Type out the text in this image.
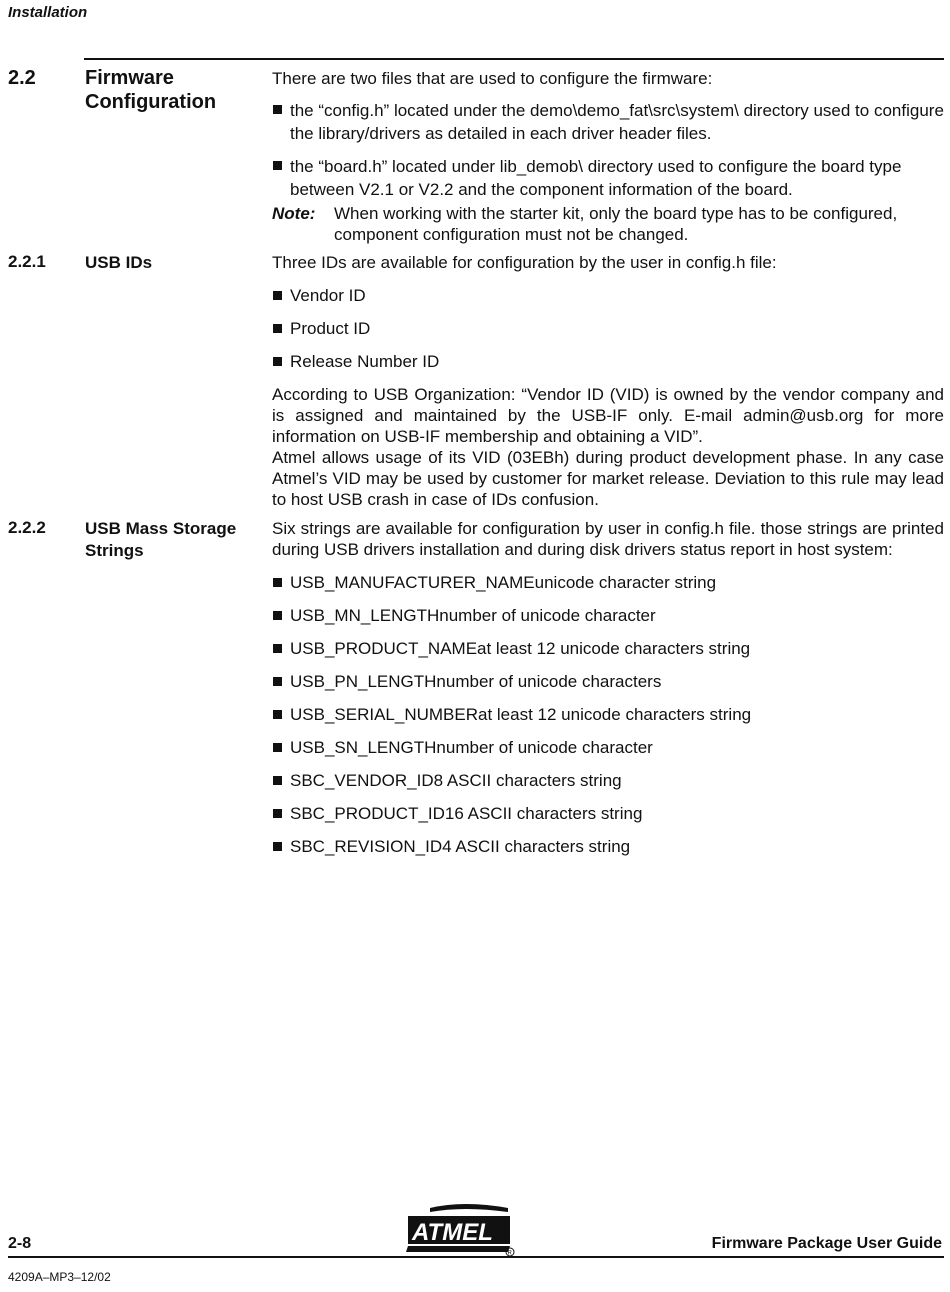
Installation
2.2 Firmware
Configuration

There are two files that are used to configure the firmware:

the “config.h” located under the demo\demo_fat\src\system\ directory used to configure the library/drivers as detailed in each driver header files.
the “board.h” located under lib_demob\ directory used to configure the board type between V2.1 or V2.2 and the component information of the board.
Note:	When working with the starter kit, only the board type has to be configured, component configuration must not be changed.
2.2.1 USB IDs	Three IDs are available for configuration by the user in config.h file:

Vendor ID
Product ID
Release Number ID

According to USB Organization: “Vendor ID (VID) is owned by the vendor company and is assigned and maintained by the USB-IF only. E-mail admin@usb.org for more information on USB-IF membership and obtaining a VID”.

Atmel allows usage of its VID (03EBh) during product development phase. In any case Atmel’s VID may be used by customer for market release. Deviation to this rule may lead to host USB crash in case of IDs confusion.

2.2.2 USB Mass Storage
Strings

Six strings are available for configuration by user in config.h file. those strings are printed during USB drivers installation and during disk drivers status report in host system:

USB_MANUFACTURER_NAMEunicode character string
USB_MN_LENGTHnumber of unicode character
USB_PRODUCT_NAMEat least 12 unicode characters string
USB_PN_LENGTHnumber of unicode characters
USB_SERIAL_NUMBERat least 12 unicode characters string
USB_SN_LENGTHnumber of unicode character
SBC_VENDOR_ID8 ASCII characters string
SBC_PRODUCT_ID16 ASCII characters string
SBC_REVISION_ID4 ASCII characters string
ATMEL
R
2-8	Firmware Package User Guide
4209A–MP3–12/02
